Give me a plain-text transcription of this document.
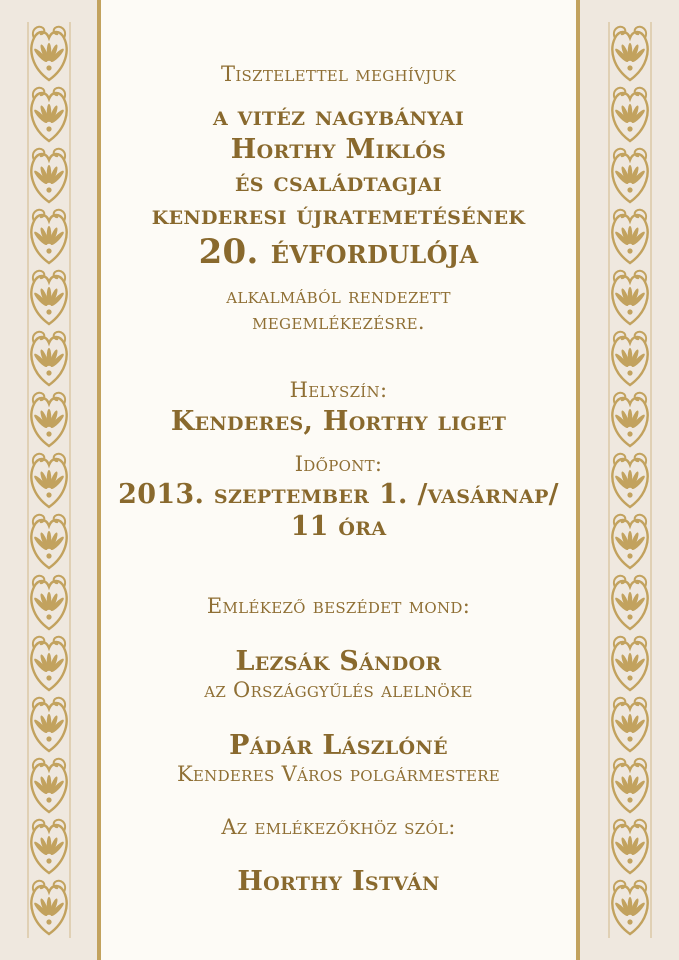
Tisztelettel meghívjuk
a vitéz nagybányai
Horthy Miklós
és családtagjai
kenderesi újratemetésének
20. évfordulója
alkalmából rendezett
megemlékezésre.
Helyszín:
Kenderes, Horthy liget
Időpont:
2013. szeptember 1. /vasárnap/
11 óra
Emlékező beszédet mond:
Lezsák Sándor
az Országgyűlés alelnöke
Pádár Lászlóné
Kenderes Város polgármestere
Az emlékezőkhöz szól:
Horthy István
